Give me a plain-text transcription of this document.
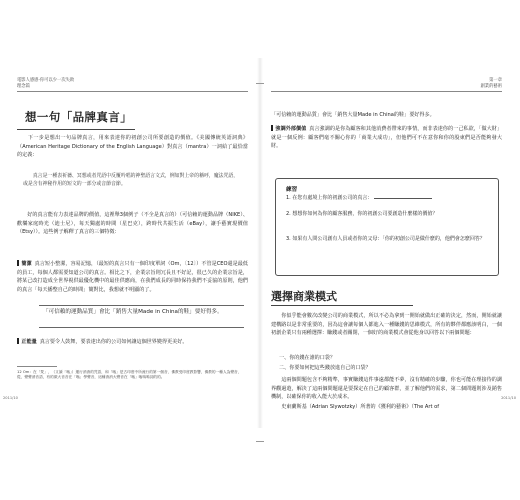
電影人感感‧你可以少一次失敗
理念篇
想一句「品牌真言」
　　下一步是想出一句品牌真言，用來表達你的初創公司所要創造的價值。《美國傳統英語詞典》（American Heritage Dictionary of the English Language）對真言（mantra）一詞給了最恰當的定義：
　　真言是一種表祈禱、冥想或者咒語中反覆吟唱的神聖語言文式，例如對上帝的稱呼，魔法咒語，或是含有神秘作用的短文的一部分或音節音節。
　　好的真言能有力表達品牌的價值，這裡舉3個例子（不全是真言的）（可信賴的運動品牌（NIKE）、歡樂家庭時光（迪士尼），每天獨處的時間（星巴克），跨時代共振生活（eBay），讓手藝實現價值（Etsy））。這些例子解釋了真言的三個特徵：
簡潔 真言短小整潔，容易記憶，（最短的真言只有一個印度單詞（Om，〔12〕）不管是CEO還是最低的員工，每個人都需要知道公司的真言。相比之下，企業宗旨則冗長且不好記，很已久的企業宗旨是，將某己改打造成全世界視供最優化機中的最佳供應商，在我們成長的同時保持我們不妥協的原則，他們的真言「每天播整自己的時間」簡對比，我想就不明顯的了。
「可信賴的運動品質」會比「銷售大量Made in China的鞋」要好得多。
正能量 真言要令人鼓舞，要表達出你的公司如何讓這個世界變得更美好。
12 Om：在「梵」，（又讀「嗡」）運行消消的咒語，和「嗡」是古印度中所流行的第一個音，佛教受印度教影響，佛教的一種人為聲音，從，聲聲消音語，有的做大音音在「嗡」學聲音，這種消消大聲音在「嗡」嗡嗚嗚詞的的。
2011/10
第一章
創業的藝術
「可信賴的運動品質」會比「銷售大量Made in China的鞋」要好得多。
強調外部價值 真言強調的是你為顧客和其他消費者帶來的事情，而非表達你的一己私欲，「做大財」就是一個反例：顧客們毫不關心你的「商業大成功」，但他們可不在意你和你的股東們是否能夠發大財。
練習
1. 在您有處境上你的初創公司的真言：
2. 想想你如何為你的顧客服務，你的初創公司要創造什麼樣的價值？
3. 如果有人問公司創有人員或者你的父母：「你的初創公司是做什麼的，他們會怎麼回答？
選擇商業模式
　　你似乎能會數次改變公司的商業模式，所以不必為拿到一開始就做出正確的決定，然而，開始就讓建構路以是非常重要的，因為這會讓每個人都進入一種賺錢的思維模式，所有的夥伴都應該明白，一個初創企業只有兩種選擇：賺錢或者關閉，一個好的商業模式會從他身以回答以下兩個問題：
一、你的錢在誰的口袋？
二、你要如何把這些錢放進自己的口袋？
　　這兩個問題包含不夠精準，事實賺錢這件事遠都能不夢，沒有精確的步驟，你也可能在理接待的調界觀過遊，解決了這兩個問題還是要探定在自己的顧客群，並了解他們的需求，第二個問題則涉及銷售機制，以確保你的收入能大於成本。
　　史東蘭斯基（Adrian Slywotzky）所著的《獲利的藝術》（The Art of
2011/10
